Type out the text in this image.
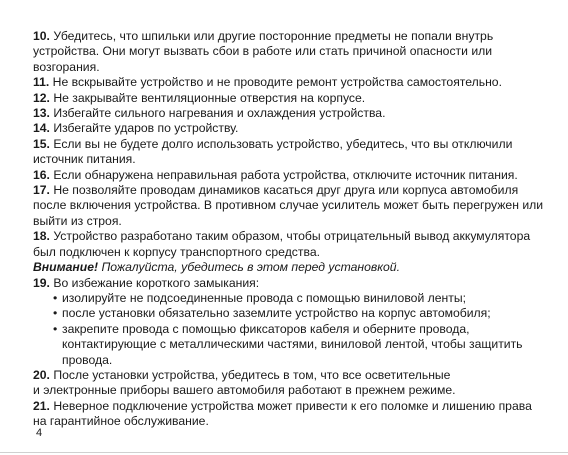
10. Убедитесь, что шпильки или другие посторонние предметы не попали внутрь устройства. Они могут вызвать сбои в работе или стать причиной опасности или возгорания.

11. Не вскрывайте устройство и не проводите ремонт устройства самостоятельно.

12. Не закрывайте вентиляционные отверстия на корпусе.

13. Избегайте сильного нагревания и охлаждения устройства.

14. Избегайте ударов по устройству.

15. Если вы не будете долго использовать устройство, убедитесь, что вы отключили источник питания.

16. Если обнаружена неправильная работа устройства, отключите источник питания.

17. Не позволяйте проводам динамиков касаться друг друга или корпуса автомобиля после включения устройства. В противном случае усилитель может быть перегружен или выйти из строя.

18. Устройство разработано таким образом, чтобы отрицательный вывод аккумулятора был подключен к корпусу транспортного средства.

Внимание! Пожалуйста, убедитесь в этом перед установкой.

19. Во избежание короткого замыкания:

• изолируйте не подсоединенные провода с помощью виниловой ленты;
• после установки обязательно заземлите устройство на корпус автомобиля;
• закрепите провода с помощью фиксаторов кабеля и оберните провода, контактирующие с металлическими частями, виниловой лентой, чтобы защитить провода.

20. После установки устройства, убедитесь в том, что все осветительные
и электронные приборы вашего автомобиля работают в прежнем режиме.

21. Неверное подключение устройства может привести к его поломке и лишению права на гарантийное обслуживание.

4
